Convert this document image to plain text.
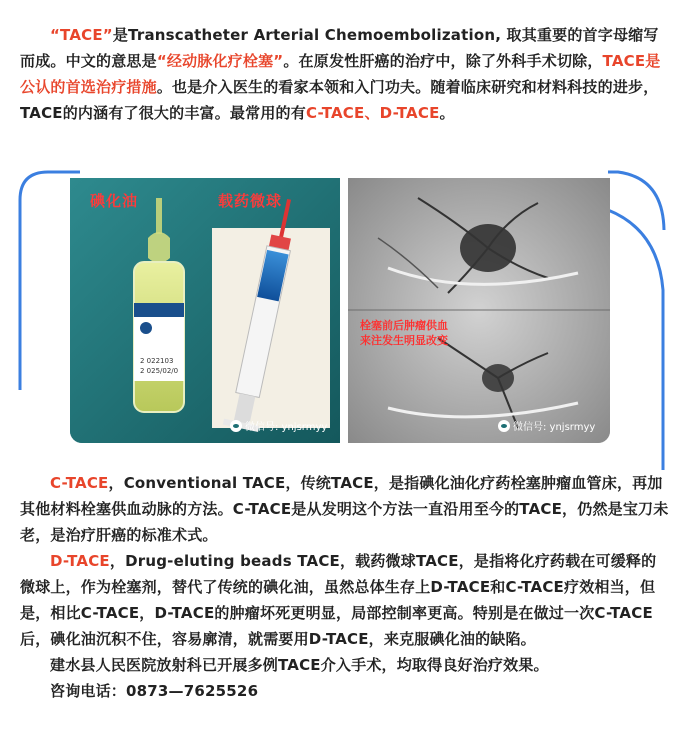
“TACE”是Transcatheter Arterial Chemoembolization, 取其重要的首字母缩写而成。中文的意思是“经动脉化疗栓塞”。在原发性肝癌的治疗中，除了外科手术切除，TACE是公认的首选治疗措施。也是介入医生的看家本领和入门功夫。随着临床研究和材料科技的进步，TACE的内涵有了很大的丰富。最常用的有C-TACE、D-TACE。
2 022103
2 025/02/0
碘化油	载药微球
微信号: ynjsrmyy
栓塞前后肿瘤供血
来注发生明显改变
微信号: ynjsrmyy

C-TACE，Conventional TACE，传统TACE，是指碘化油化疗药栓塞肿瘤血管床，再加其他材料栓塞供血动脉的方法。C-TACE是从发明这个方法一直沿用至今的TACE，仍然是宝刀未老，是治疗肝癌的标准术式。

D-TACE，Drug-eluting beads TACE，载药微球TACE，是指将化疗药载在可缓释的微球上，作为栓塞剂，替代了传统的碘化油，虽然总体生存上D-TACE和C-TACE疗效相当，但是，相比C-TACE，D-TACE的肿瘤坏死更明显，局部控制率更高。特别是在做过一次C-TACE后，碘化油沉积不住，容易廓清，就需要用D-TACE，来克服碘化油的缺陷。

建水县人民医院放射科已开展多例TACE介入手术，均取得良好治疗效果。

咨询电话：0873—7625526
